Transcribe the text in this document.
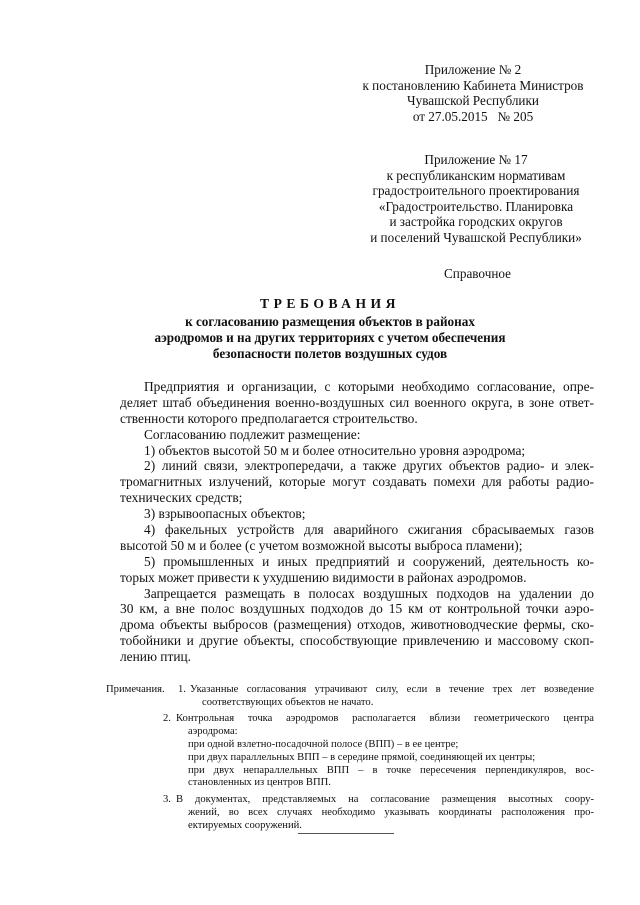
Приложение № 2
к постановлению Кабинета Министров
Чувашской Республики
от 27.05.2015   № 205
Приложение № 17
к республиканским нормативам
градостроительного проектирования
«Градостроительство. Планировка
и застройка городских округов
и поселений Чувашской Республики»
Справочное
ТРЕБОВАНИЯ
к согласованию размещения объектов в районах
аэродромов и на других территориях с учетом обеспечения
безопасности полетов воздушных судов
Предприятия и организации, с которыми необходимо согласование, опре-
деляет штаб объединения военно-воздушных сил военного округа, в зоне ответ-
ственности которого предполагается строительство.
Согласованию подлежит размещение:
1) объектов высотой 50 м и более относительно уровня аэродрома;
2) линий связи, электропередачи, а также других объектов радио- и элек-
тромагнитных излучений, которые могут создавать помехи для работы радио-
технических средств;
3) взрывоопасных объектов;
4) факельных устройств для аварийного сжигания сбрасываемых газов
высотой 50 м и более (с учетом возможной высоты выброса пламени);
5) промышленных и иных предприятий и сооружений, деятельность ко-
торых может привести к ухудшению видимости в районах аэродромов.
Запрещается размещать в полосах воздушных подходов на удалении до
30 км, а вне полос воздушных подходов до 15 км от контрольной точки аэро-
дрома объекты выбросов (размещения) отходов, животноводческие фермы, ско-
тобойники и другие объекты, способствующие привлечению и массовому скоп-
лению птиц.
Примечания. 1. Указанные согласования утрачивают силу, если в течение трех лет возведение
соответствующих объектов не начато.
2. Контрольная точка аэродромов располагается вблизи геометрического центра
аэродрома:
при одной взлетно-посадочной полосе (ВПП) – в ее центре;
при двух параллельных ВПП – в середине прямой, соединяющей их центры;
при двух непараллельных ВПП – в точке пересечения перпендикуляров, вос-
становленных из центров ВПП.
3. В документах, представляемых на согласование размещения высотных соору-
жений, во всех случаях необходимо указывать координаты расположения про-
ектируемых сооружений.
